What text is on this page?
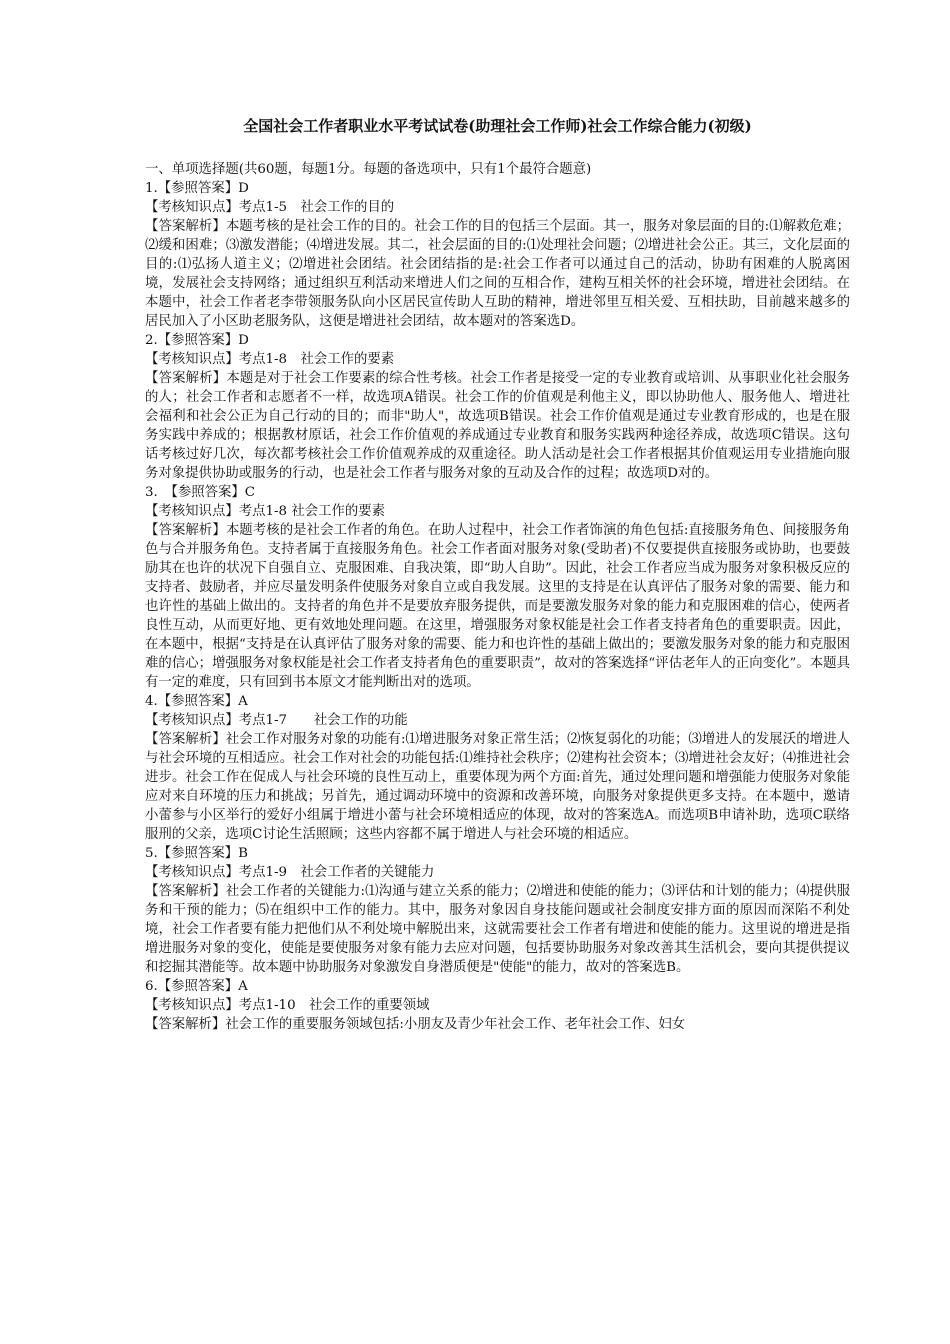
全国社会工作者职业水平考试试卷(助理社会工作师)社会工作综合能力(初级)
一、单项选择题(共60题，每题1分。每题的备选项中，只有1个最符合题意)
1.【参照答案】D
【考核知识点】考点1-5　社会工作的目的
【答案解析】本题考核的是社会工作的目的。社会工作的目的包括三个层面。其一，服务对象层面的目的:⑴解救危难；⑵缓和困难；⑶激发潜能；⑷增进发展。其二，社会层面的目的:⑴处理社会问题；⑵增进社会公正。其三，文化层面的目的:⑴弘扬人道主义；⑵增进社会团结。社会团结指的是:社会工作者可以通过自己的活动，协助有困难的人脱离困境，发展社会支持网络；通过组织互利活动来增进人们之间的互相合作，建构互相关怀的社会环境，增进社会团结。在本题中，社会工作者老李带领服务队向小区居民宣传助人互助的精神，增进邻里互相关爱、互相扶助，目前越来越多的居民加入了小区助老服务队，这便是增进社会团结，故本题对的答案选D。
2.【参照答案】D
【考核知识点】考点1-8　社会工作的要素
【答案解析】本题是对于社会工作要素的综合性考核。社会工作者是接受一定的专业教育或培训、从事职业化社会服务的人；社会工作者和志愿者不一样，故选项A错误。社会工作的价值观是利他主义，即以协助他人、服务他人、增进社会福利和社会公正为自己行动的目的；而非"助人"，故选项B错误。社会工作价值观是通过专业教育形成的，也是在服务实践中养成的；根据教材原话，社会工作价值观的养成通过专业教育和服务实践两种途径养成，故选项C错误。这句话考核过好几次，每次都考核社会工作价值观养成的双重途径。助人活动是社会工作者根据其价值观运用专业措施向服务对象提供协助或服务的行动，也是社会工作者与服务对象的互动及合作的过程；故选项D对的。
3.　【参照答案】C
【考核知识点】考点1-8 社会工作的要素
【答案解析】本题考核的是社会工作者的角色。在助人过程中，社会工作者饰演的角色包括:直接服务角色、间接服务角色与合并服务角色。支持者属于直接服务角色。社会工作者面对服务对象(受助者)不仅要提供直接服务或协助，也要鼓励其在也许的状况下自强自立、克服困难、自我决策，即“助人自助”。因此，社会工作者应当成为服务对象积极反应的支持者、鼓励者，并应尽量发明条件使服务对象自立或自我发展。这里的支持是在认真评估了服务对象的需要、能力和也许性的基础上做出的。支持者的角色并不是要放弃服务提供，而是要激发服务对象的能力和克服困难的信心，使两者良性互动，从而更好地、更有效地处理问题。在这里，增强服务对象权能是社会工作者支持者角色的重要职责。因此，在本题中，根据“支持是在认真评估了服务对象的需要、能力和也许性的基础上做出的；要激发服务对象的能力和克服困难的信心；增强服务对象权能是社会工作者支持者角色的重要职责”，故对的答案选择“评估老年人的正向变化”。本题具有一定的难度，只有回到书本原文才能判断出对的选项。
4.【参照答案】A
【考核知识点】考点1-7　　社会工作的功能
【答案解析】社会工作对服务对象的功能有:⑴增进服务对象正常生活；⑵恢复弱化的功能；⑶增进人的发展沃的增进人与社会环境的互相适应。社会工作对社会的功能包括:⑴维持社会秩序；⑵建构社会资本；⑶增进社会友好；⑷推进社会进步。社会工作在促成人与社会环境的良性互动上，重要体现为两个方面:首先，通过处理问题和增强能力使服务对象能应对来自环境的压力和挑战；另首先，通过调动环境中的资源和改善环境，向服务对象提供更多支持。在本题中，邀请小蕾参与小区举行的爱好小组属于增进小蕾与社会环境相适应的体现，故对的答案选A。而选项B申请补助，选项C联络服刑的父亲，选项C讨论生活照顾；这些内容都不属于增进人与社会环境的相适应。
5.【参照答案】B
【考核知识点】考点1-9　社会工作者的关键能力
【答案解析】社会工作者的关键能力:⑴沟通与建立关系的能力；⑵增进和使能的能力；⑶评估和计划的能力；⑷提供服务和干预的能力；⑸在组织中工作的能力。其中，服务对象因自身技能问题或社会制度安排方面的原因而深陷不利处境，社会工作者要有能力把他们从不利处境中解脱出来，这就需要社会工作者有增进和使能的能力。这里说的增进是指增进服务对象的变化，使能是要使服务对象有能力去应对问题，包括要协助服务对象改善其生活机会，要向其提供提议和挖掘其潜能等。故本题中协助服务对象激发自身潜质便是"使能"的能力，故对的答案选B。
6.【参照答案】A
【考核知识点】考点1-10　社会工作的重要领域
【答案解析】社会工作的重要服务领域包括:小朋友及青少年社会工作、老年社会工作、妇女
